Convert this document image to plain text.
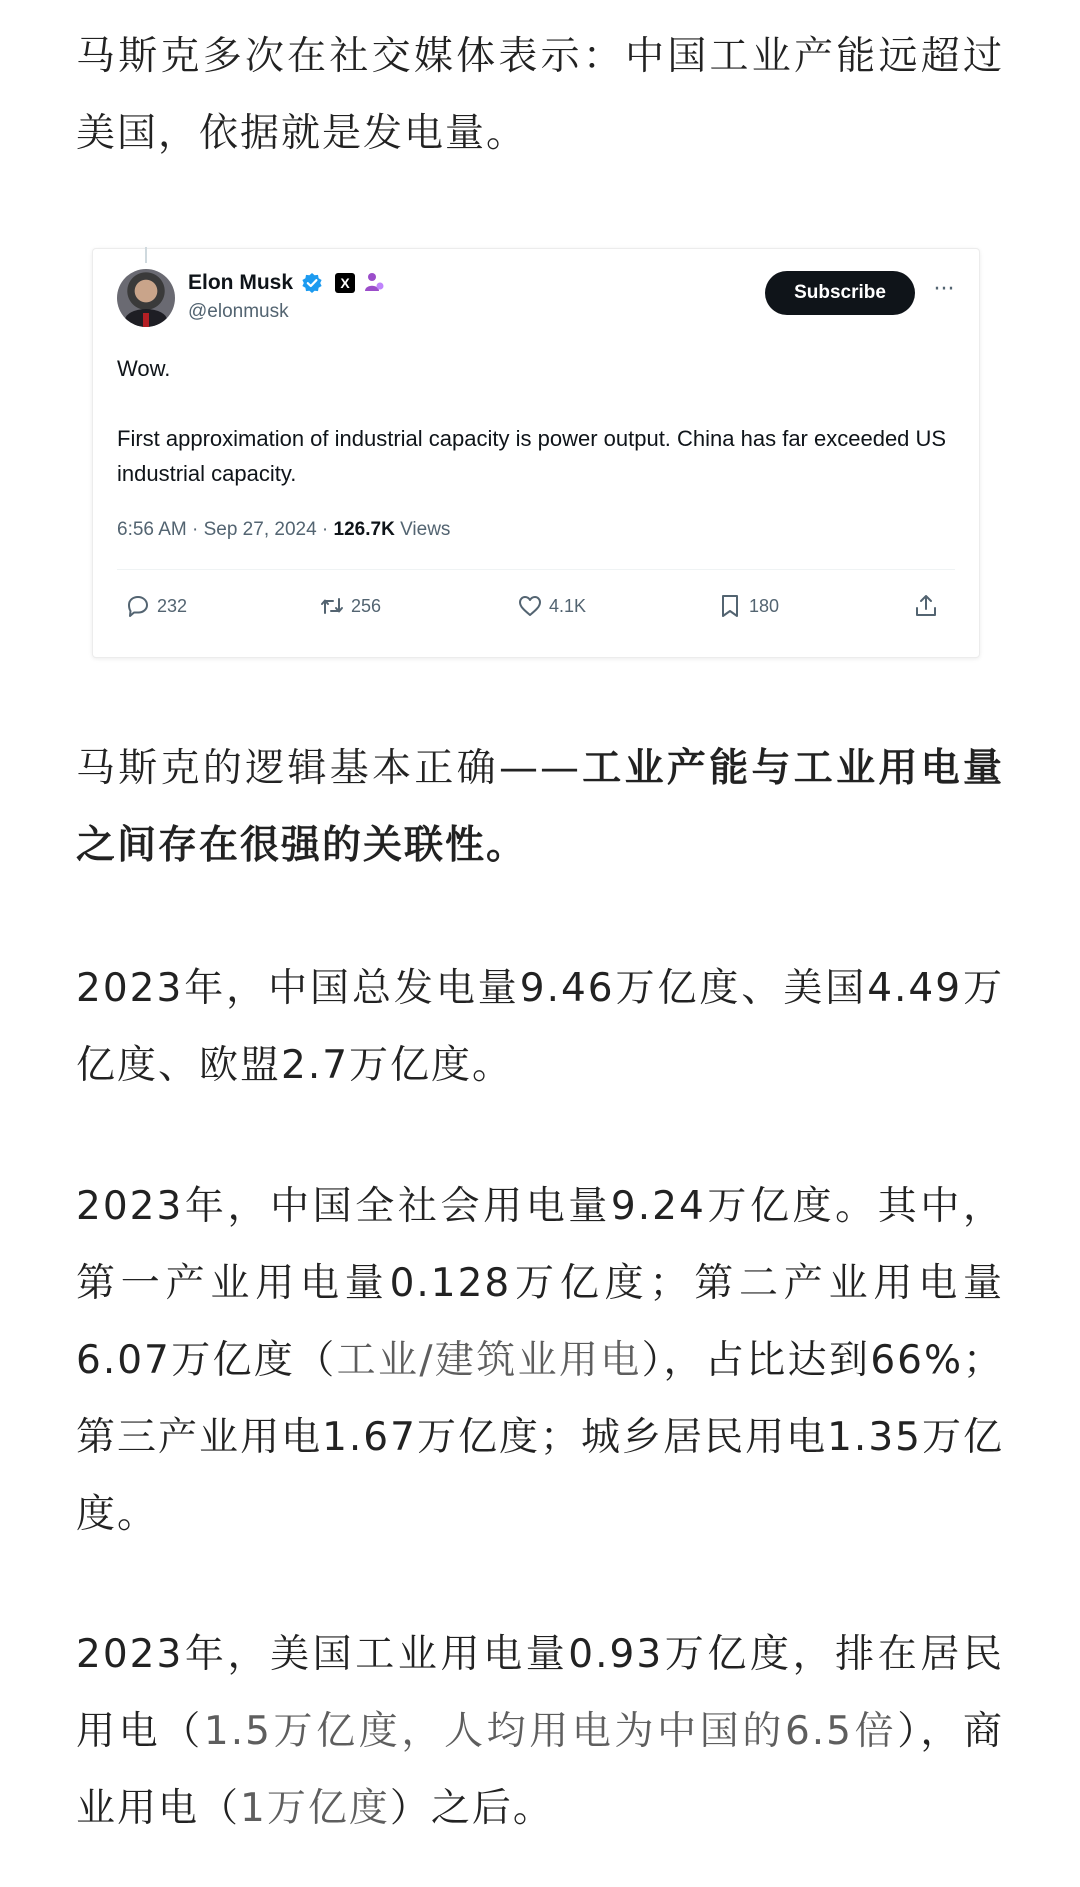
马斯克多次在社交媒体表示：中国工业产能远超过美国，依据就是发电量。

Elon Musk	X
@elonmusk
Subscribe	···
Wow.
First approximation of industrial capacity is power output. China has far exceeded US industrial capacity.
6:56 AM · Sep 27, 2024 · 126.7K Views
232	256	4.1K	180

马斯克的逻辑基本正确——工业产能与工业用电量之间存在很强的关联性。

2023年，中国总发电量9.46万亿度、美国4.49万亿度、欧盟2.7万亿度。

2023年，中国全社会用电量9.24万亿度。其中，第一产业用电量0.128万亿度；第二产业用电量6.07万亿度（工业/建筑业用电），占比达到66%；第三产业用电1.67万亿度；城乡居民用电1.35万亿度。

2023年，美国工业用电量0.93万亿度，排在居民用电（1.5万亿度，人均用电为中国的6.5倍），商业用电（1万亿度）之后。
